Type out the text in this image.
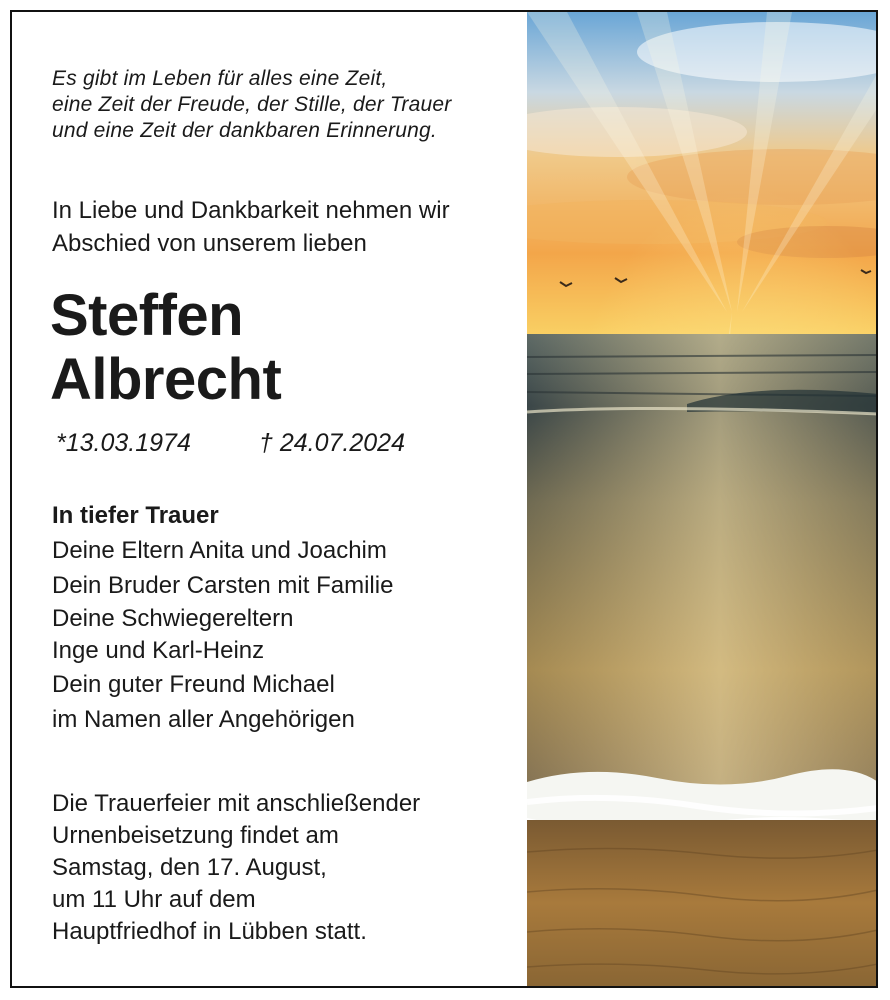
Es gibt im Leben für alles eine Zeit,
eine Zeit der Freude, der Stille, der Trauer
und eine Zeit der dankbaren Erinnerung.
In Liebe und Dankbarkeit nehmen wir
Abschied von unserem lieben
Steffen
Albrecht
*13.03.1974	† 24.07.2024
In tiefer Trauer
Deine Eltern Anita und Joachim
Dein Bruder Carsten mit Familie
Deine Schwiegereltern
Inge und Karl-Heinz
Dein guter Freund Michael
im Namen aller Angehörigen
Die Trauerfeier mit anschließender
Urnenbeisetzung findet am
Samstag, den 17. August,
um 11 Uhr auf dem
Hauptfriedhof in Lübben statt.
